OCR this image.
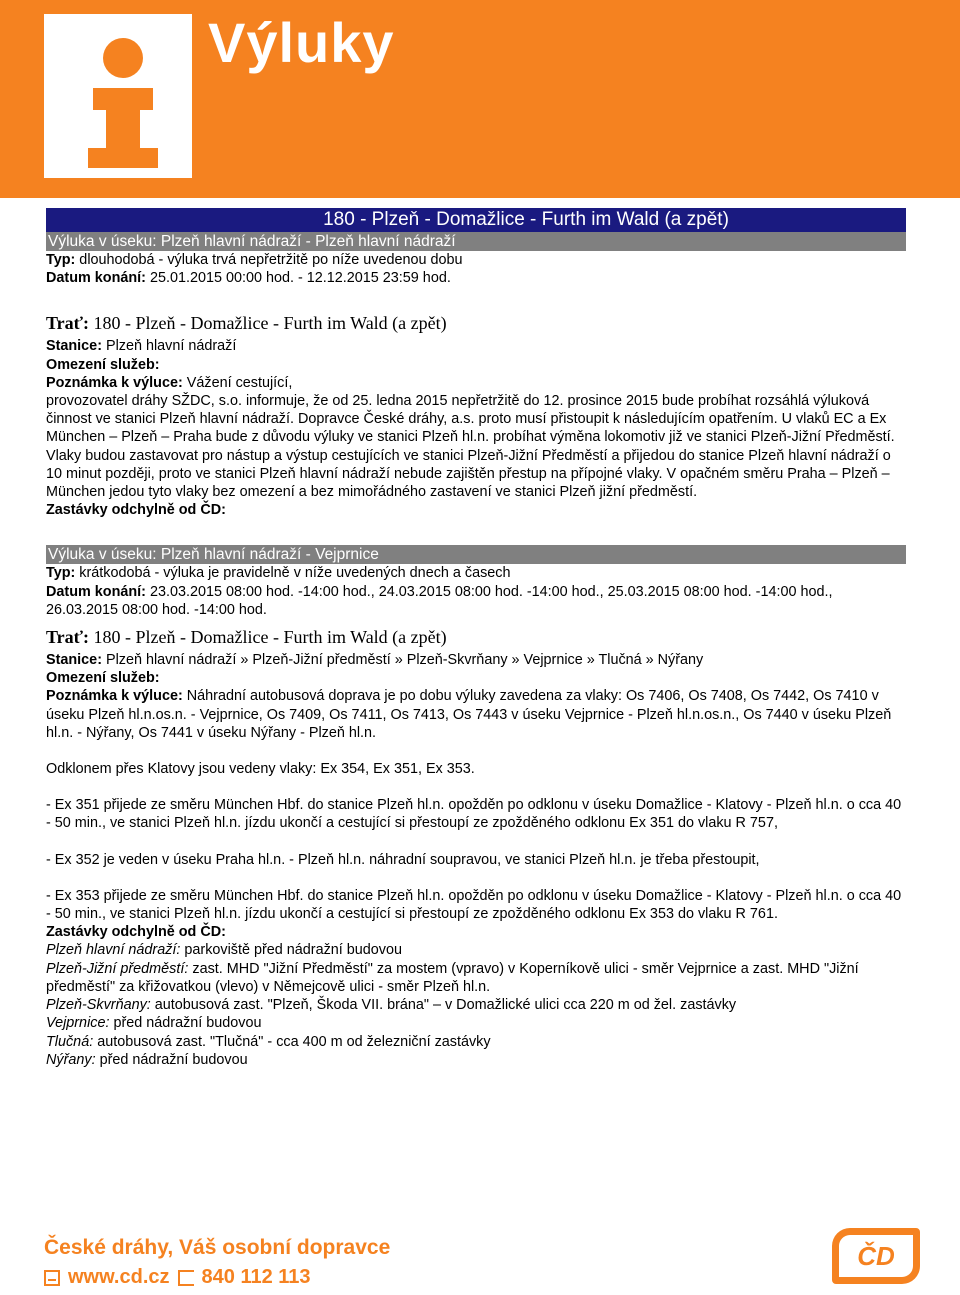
Výluky
180 - Plzeň - Domažlice - Furth im Wald (a zpět)
Výluka v úseku: Plzeň hlavní nádraží - Plzeň hlavní nádraží
Typ: dlouhodobá - výluka trvá nepřetržitě po níže uvedenou dobu
Datum konání: 25.01.2015 00:00 hod. - 12.12.2015 23:59 hod.
Trať: 180 - Plzeň - Domažlice - Furth im Wald (a zpět)
Stanice: Plzeň hlavní nádraží
Omezení služeb:
Poznámka k výluce: Vážení cestující,
provozovatel dráhy SŽDC, s.o. informuje, že od 25. ledna 2015 nepřetržitě do 12. prosince 2015 bude probíhat rozsáhlá výluková činnost ve stanici Plzeň hlavní nádraží. Dopravce České dráhy, a.s. proto musí přistoupit k následujícím opatřením. U vlaků EC a Ex München – Plzeň – Praha bude z důvodu výluky ve stanici Plzeň hl.n. probíhat výměna lokomotiv již ve stanici Plzeň-Jižní Předměstí. Vlaky budou zastavovat pro nástup a výstup cestujících ve stanici Plzeň-Jižní Předměstí a přijedou do stanice Plzeň hlavní nádraží o 10 minut později, proto ve stanici Plzeň hlavní nádraží nebude zajištěn přestup na přípojné vlaky. V opačném směru Praha – Plzeň – München jedou tyto vlaky bez omezení a bez mimořádného zastavení ve stanici Plzeň jižní předměstí.
Zastávky odchylně od ČD:
Výluka v úseku: Plzeň hlavní nádraží - Vejprnice
Typ: krátkodobá - výluka je pravidelně v níže uvedených dnech a časech
Datum konání: 23.03.2015 08:00 hod. -14:00 hod., 24.03.2015 08:00 hod. -14:00 hod., 25.03.2015 08:00 hod. -14:00 hod., 26.03.2015 08:00 hod. -14:00 hod.
Trať: 180 - Plzeň - Domažlice - Furth im Wald (a zpět)
Stanice: Plzeň hlavní nádraží » Plzeň-Jižní předměstí » Plzeň-Skvrňany » Vejprnice » Tlučná » Nýřany
Omezení služeb:
Poznámka k výluce: Náhradní autobusová doprava je po dobu výluky zavedena za vlaky: Os 7406, Os 7408, Os 7442, Os 7410 v úseku Plzeň hl.n.os.n. - Vejprnice, Os 7409, Os 7411, Os 7413, Os 7443 v úseku Vejprnice - Plzeň hl.n.os.n., Os 7440 v úseku Plzeň hl.n. - Nýřany, Os 7441 v úseku Nýřany - Plzeň hl.n.
Odklonem přes Klatovy jsou vedeny vlaky: Ex 354, Ex 351, Ex 353.
- Ex 351 přijede ze směru München Hbf. do stanice Plzeň hl.n. opožděn po odklonu v úseku Domažlice - Klatovy - Plzeň hl.n. o cca 40 - 50 min., ve stanici Plzeň hl.n. jízdu ukončí a cestující si přestoupí ze zpožděného odklonu Ex 351 do vlaku R 757,
- Ex 352 je veden v úseku Praha hl.n. - Plzeň hl.n. náhradní soupravou, ve stanici Plzeň hl.n. je třeba přestoupit,
- Ex 353 přijede ze směru München Hbf. do stanice Plzeň hl.n. opožděn po odklonu v úseku Domažlice - Klatovy - Plzeň hl.n. o cca 40 - 50 min., ve stanici Plzeň hl.n. jízdu ukončí a cestující si přestoupí ze zpožděného odklonu Ex 353 do vlaku R 761.
Zastávky odchylně od ČD:
Plzeň hlavní nádraží: parkoviště před nádražní budovou
Plzeň-Jižní předměstí: zast. MHD "Jižní Předměstí" za mostem (vpravo) v Koperníkově ulici - směr Vejprnice a zast. MHD "Jižní předměstí" za křižovatkou (vlevo) v Němejcově ulici - směr Plzeň hl.n.
Plzeň-Skvrňany: autobusová zast. "Plzeň, Škoda VII. brána" – v Domažlické ulici cca 220 m od žel. zastávky
Vejprnice: před nádražní budovou
Tlučná: autobusová zast. "Tlučná" - cca 400 m od železniční zastávky
Nýřany: před nádražní budovou
České dráhy, Váš osobní dopravce
www.cd.cz 840 112 113
ČD
